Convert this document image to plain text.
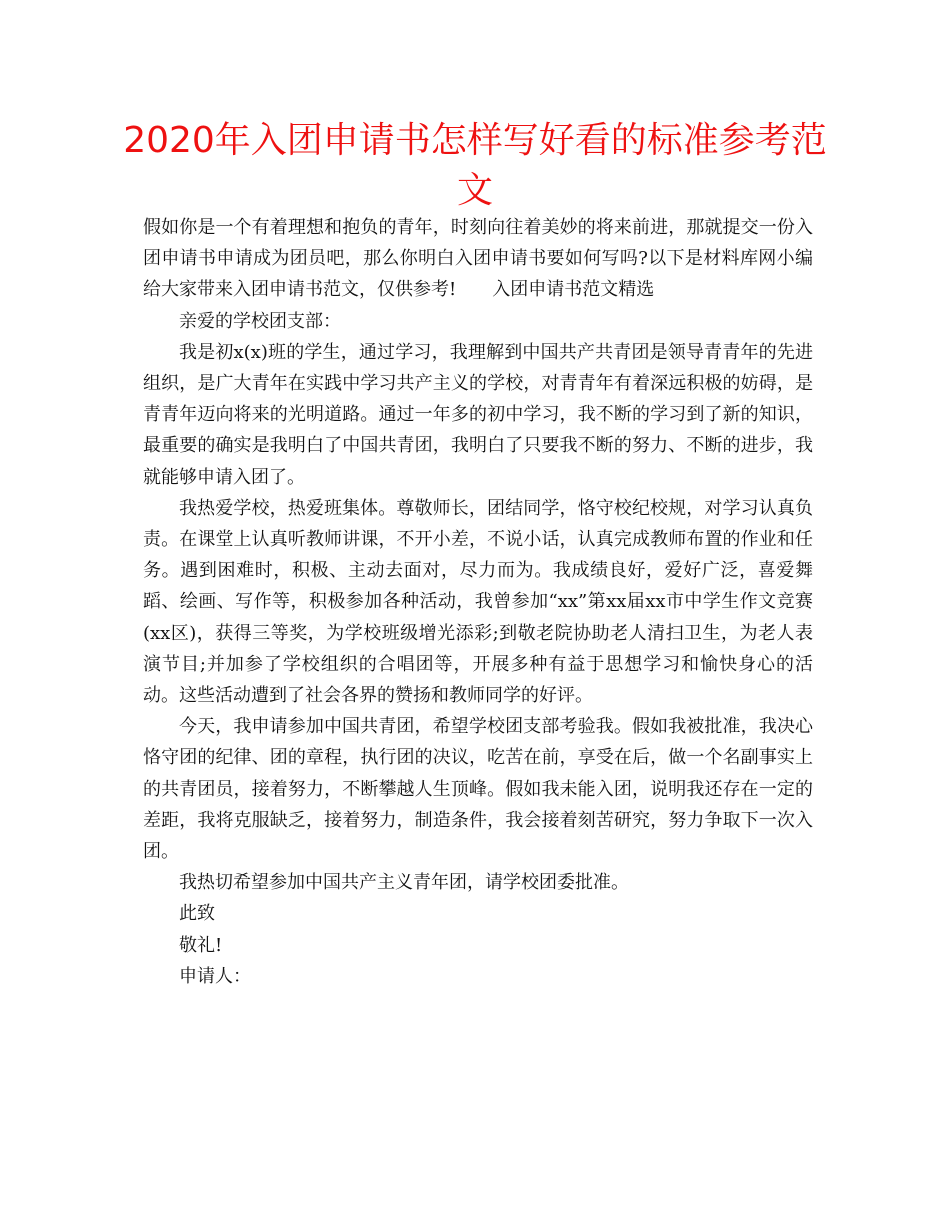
2020年入团申请书怎样写好看的标准参考范文

假如你是一个有着理想和抱负的青年，时刻向往着美妙的将来前进，那就提交一份入团申请书申请成为团员吧，那么你明白入团申请书要如何写吗?以下是材料库网小编给大家带来入团申请书范文，仅供参考! 入团申请书范文精选

亲爱的学校团支部：

我是初x(x)班的学生，通过学习，我理解到中国共产共青团是领导青青年的先进组织，是广大青年在实践中学习共产主义的学校，对青青年有着深远积极的妨碍，是青青年迈向将来的光明道路。通过一年多的初中学习，我不断的学习到了新的知识，最重要的确实是我明白了中国共青团，我明白了只要我不断的努力、不断的进步，我就能够申请入团了。

我热爱学校，热爱班集体。尊敬师长，团结同学，恪守校纪校规，对学习认真负责。在课堂上认真听教师讲课，不开小差，不说小话，认真完成教师布置的作业和任务。遇到困难时，积极、主动去面对，尽力而为。我成绩良好，爱好广泛，喜爱舞蹈、绘画、写作等，积极参加各种活动，我曾参加“xx”第xx届xx市中学生作文竞赛(xx区)，获得三等奖，为学校班级增光添彩;到敬老院协助老人清扫卫生，为老人表演节目;并加参了学校组织的合唱团等，开展多种有益于思想学习和愉快身心的活动。这些活动遭到了社会各界的赞扬和教师同学的好评。

今天，我申请参加中国共青团，希望学校团支部考验我。假如我被批准，我决心恪守团的纪律、团的章程，执行团的决议，吃苦在前，享受在后，做一个名副事实上的共青团员，接着努力，不断攀越人生顶峰。假如我未能入团，说明我还存在一定的差距，我将克服缺乏，接着努力，制造条件，我会接着刻苦研究，努力争取下一次入团。

我热切希望参加中国共产主义青年团，请学校团委批准。

此致

敬礼!

申请人：
